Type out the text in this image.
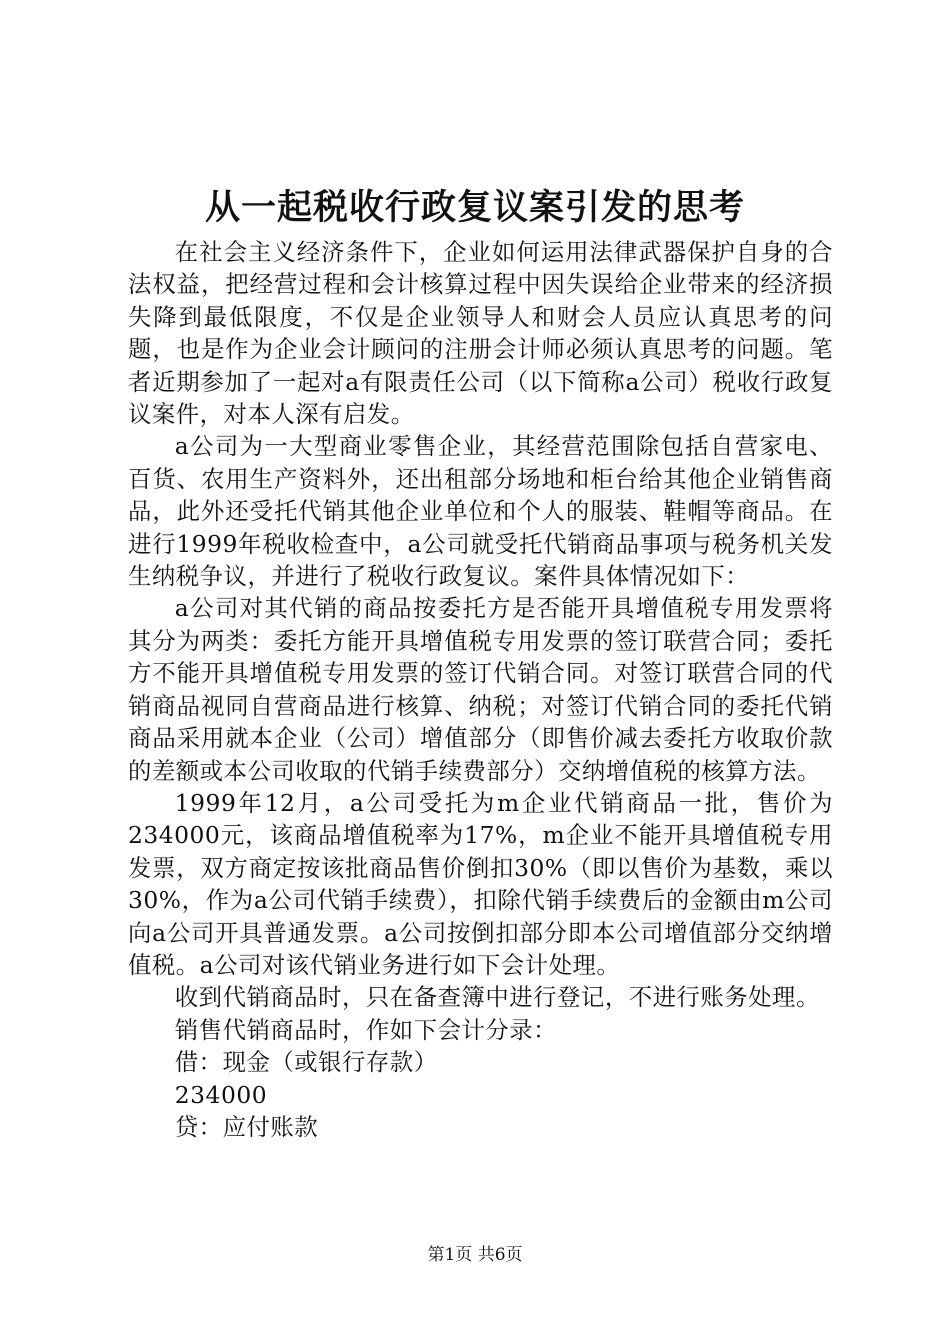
从一起税收行政复议案引发的思考

在社会主义经济条件下，企业如何运用法律武器保护自身的合法权益，把经营过程和会计核算过程中因失误给企业带来的经济损失降到最低限度，不仅是企业领导人和财会人员应认真思考的问题，也是作为企业会计顾问的注册会计师必须认真思考的问题。笔者近期参加了一起对a有限责任公司（以下简称a公司）税收行政复议案件，对本人深有启发。

a公司为一大型商业零售企业，其经营范围除包括自营家电、百货、农用生产资料外，还出租部分场地和柜台给其他企业销售商品，此外还受托代销其他企业单位和个人的服装、鞋帽等商品。在进行1999年税收检查中，a公司就受托代销商品事项与税务机关发生纳税争议，并进行了税收行政复议。案件具体情况如下：

a公司对其代销的商品按委托方是否能开具增值税专用发票将其分为两类：委托方能开具增值税专用发票的签订联营合同；委托方不能开具增值税专用发票的签订代销合同。对签订联营合同的代销商品视同自营商品进行核算、纳税；对签订代销合同的委托代销商品采用就本企业（公司）增值部分（即售价减去委托方收取价款的差额或本公司收取的代销手续费部分）交纳增值税的核算方法。

1999年12月，a公司受托为m企业代销商品一批，售价为234000元，该商品增值税率为17%，m企业不能开具增值税专用发票，双方商定按该批商品售价倒扣30%（即以售价为基数，乘以30%，作为a公司代销手续费），扣除代销手续费后的金额由m公司向a公司开具普通发票。a公司按倒扣部分即本公司增值部分交纳增值税。a公司对该代销业务进行如下会计处理。

收到代销商品时，只在备查簿中进行登记，不进行账务处理。

销售代销商品时，作如下会计分录：

借：现金（或银行存款）

234000

贷：应付账款

第1页 共6页
